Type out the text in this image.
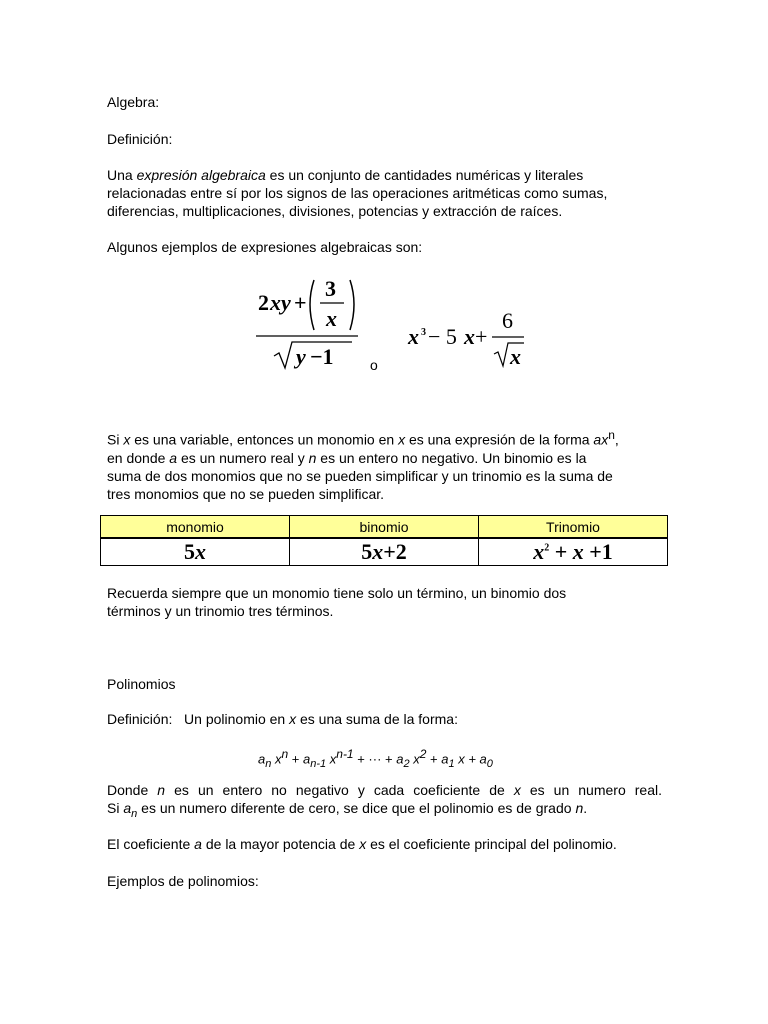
Algebra:

Definición:

Una expresión algebraica es un conjunto de cantidades numéricas y literales
relacionadas entre sí por los signos de las operaciones aritméticas como sumas,
diferencias, multiplicaciones, divisiones, potencias y extracción de raíces.

Algunos ejemplos de expresiones algebraicas son:

2 xy +
3
x
y −1	o

x 3 − 5 x +
6
x
Si x es una variable, entonces un monomio en x es una expresión de la forma $ax^n$,
en donde a es un numero real y n es un entero no negativo. Un binomio es la
suma de dos monomios que no se pueden simplificar y un trinomio es la suma de
tres monomios que no se pueden simplificar.
monomio	binomio	Trinomio
5x	5x+2	$x^2 + x +1$
Recuerda siempre que un monomio tiene solo un término, un binomio dos
términos y un trinomio tres términos.

Polinomios

Definición:   Un polinomio en x es una suma de la forma:

$a_n$ $x^n + a_{n-1}$ $x^{n-1}$ + ··· + $a_2$ $x^2 + a_1$ $x + a_0$

Donde n es un entero no negativo y cada coeficiente de x es un numero real.
Si $a_n$ es un numero diferente de cero, se dice que el polinomio es de grado n.

El coeficiente a de la mayor potencia de x es el coeficiente principal del polinomio.

Ejemplos de polinomios:
